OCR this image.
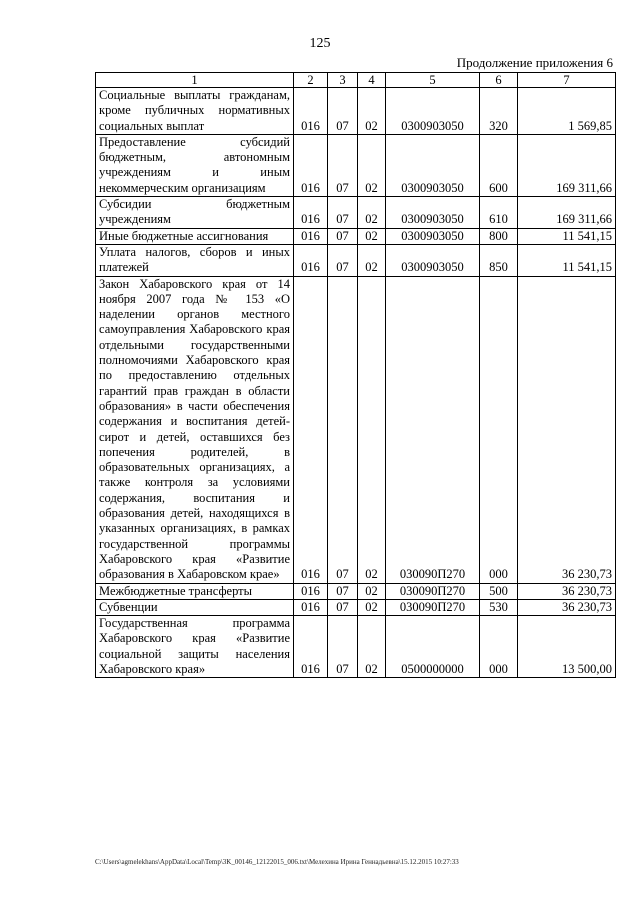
125
Продолжение приложения 6
1	2	3	4	5	6	7
Социальные выплаты гражданам, кроме публичных нормативных социальных выплат	016	07	02	0300903050	320	1 569,85
Предоставление субсидий бюджетным, автономным учреждениям и иным некоммерческим организациям	016	07	02	0300903050	600	169 311,66
Субсидии бюджетным учреждениям	016	07	02	0300903050	610	169 311,66
Иные бюджетные ассигнования	016	07	02	0300903050	800	11 541,15
Уплата налогов, сборов и иных платежей	016	07	02	0300903050	850	11 541,15
Закон Хабаровского края от 14 ноября 2007 года № 153 «О наделении органов местного самоуправления Хабаровского края отдельными государственными полномочиями Хабаровского края по предоставлению отдельных гарантий прав граждан в области образования» в части обеспечения содержания и воспитания детей-сирот и детей, оставшихся без попечения родителей, в образовательных организациях, а также контроля за условиями содержания, воспитания и образования детей, находящихся в указанных организациях, в рамках государственной программы Хабаровского края «Развитие образования в Хабаровском крае»	016	07	02	030090П270	000	36 230,73
Межбюджетные трансферты	016	07	02	030090П270	500	36 230,73
Субвенции	016	07	02	030090П270	530	36 230,73
Государственная программа Хабаровского края «Развитие социальной защиты населения Хабаровского края»	016	07	02	0500000000	000	13 500,00
C:\Users\agmelekhans\AppData\Local\Temp\3K_00146_12122015_006.txt\Мелехина Ирина Геннадьевна\15.12.2015 10:27:33
